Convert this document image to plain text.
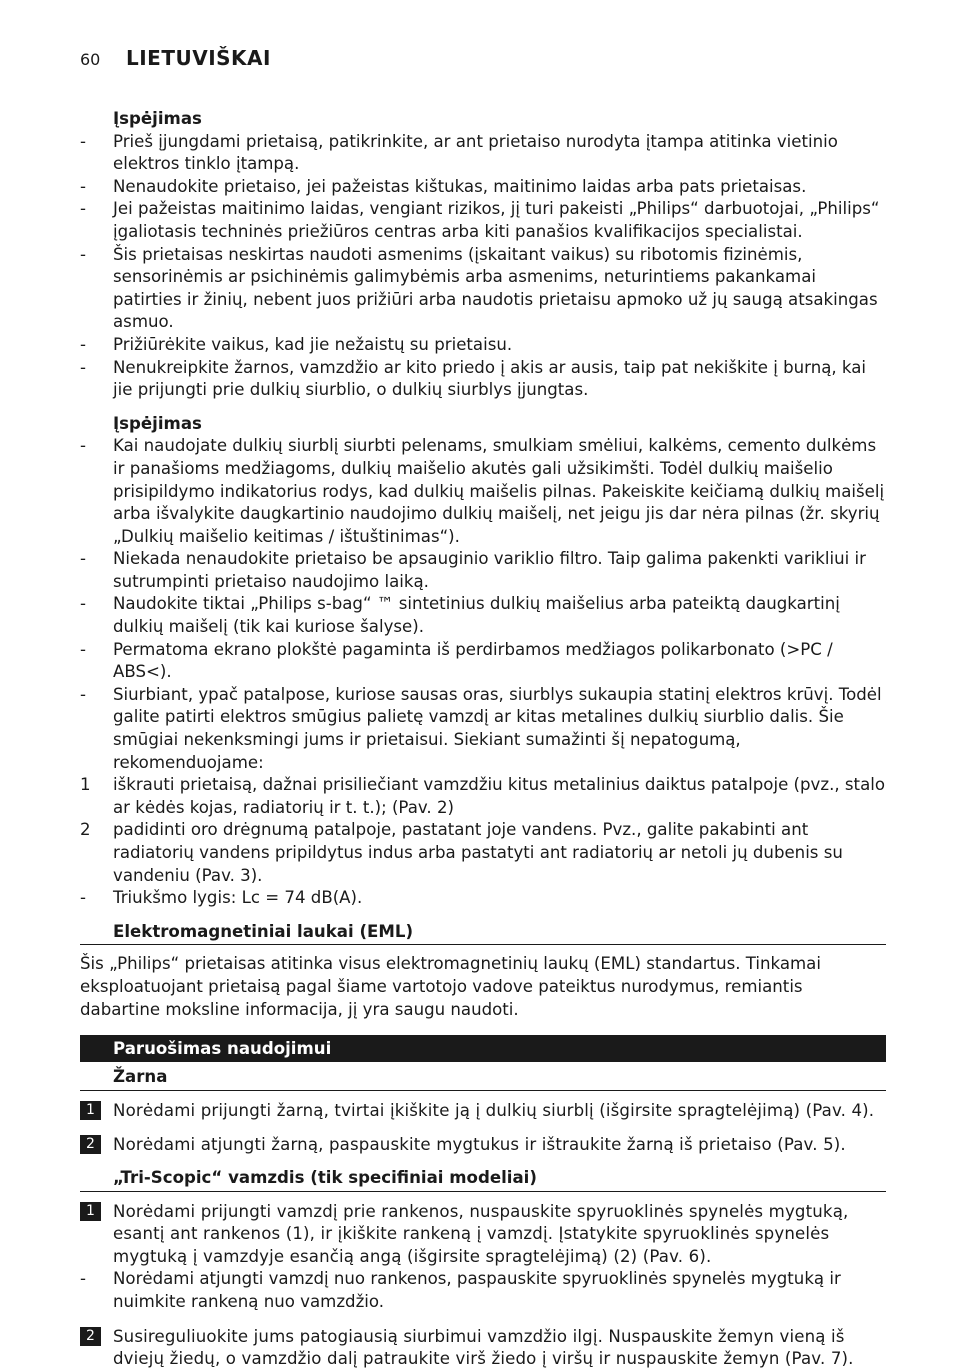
60	LIETUVIŠKAI
Įspėjimas
- Prieš įjungdami prietaisą, patikrinkite, ar ant prietaiso nurodyta įtampa atitinka vietinio elektros tinklo įtampą.
- Nenaudokite prietaiso, jei pažeistas kištukas, maitinimo laidas arba pats prietaisas.
- Jei pažeistas maitinimo laidas, vengiant rizikos, jį turi pakeisti „Philips“ darbuotojai, „Philips“ įgaliotasis techninės priežiūros centras arba kiti panašios kvalifikacijos specialistai.
- Šis prietaisas neskirtas naudoti asmenims (įskaitant vaikus) su ribotomis fizinėmis, sensorinėmis ar psichinėmis galimybėmis arba asmenims, neturintiems pakankamai patirties ir žinių, nebent juos prižiūri arba naudotis prietaisu apmoko už jų saugą atsakingas asmuo.
- Prižiūrėkite vaikus, kad jie nežaistų su prietaisu.
- Nenukreipkite žarnos, vamzdžio ar kito priedo į akis ar ausis, taip pat nekiškite į burną, kai jie prijungti prie dulkių siurblio, o dulkių siurblys įjungtas.
Įspėjimas
- Kai naudojate dulkių siurblį siurbti pelenams, smulkiam smėliui, kalkėms, cemento dulkėms ir panašioms medžiagoms, dulkių maišelio akutės gali užsikimšti. Todėl dulkių maišelio prisipildymo indikatorius rodys, kad dulkių maišelis pilnas. Pakeiskite keičiamą dulkių maišelį arba išvalykite daugkartinio naudojimo dulkių maišelį, net jeigu jis dar nėra pilnas (žr. skyrių „Dulkių maišelio keitimas / ištuštinimas“).
- Niekada nenaudokite prietaiso be apsauginio variklio filtro. Taip galima pakenkti varikliui ir sutrumpinti prietaiso naudojimo laiką.
- Naudokite tiktai „Philips s-bag“ ™ sintetinius dulkių maišelius arba pateiktą daugkartinį dulkių maišelį (tik kai kuriose šalyse).
- Permatoma ekrano plokštė pagaminta iš perdirbamos medžiagos polikarbonato (>PC / ABS<).
- Siurbiant, ypač patalpose, kuriose sausas oras, siurblys sukaupia statinį elektros krūvį. Todėl galite patirti elektros smūgius palietę vamzdį ar kitas metalines dulkių siurblio dalis. Šie smūgiai nekenksmingi jums ir prietaisui. Siekiant sumažinti šį nepatogumą, rekomenduojame:
1 iškrauti prietaisą, dažnai prisiliečiant vamzdžiu kitus metalinius daiktus patalpoje (pvz., stalo ar kėdės kojas, radiatorių ir t. t.); (Pav. 2)
2 padidinti oro drėgnumą patalpoje, pastatant joje vandens. Pvz., galite pakabinti ant radiatorių vandens pripildytus indus arba pastatyti ant radiatorių ar netoli jų dubenis su vandeniu (Pav. 3).
- Triukšmo lygis: Lc = 74 dB(A).
Elektromagnetiniai laukai (EML)
Šis „Philips“ prietaisas atitinka visus elektromagnetinių laukų (EML) standartus. Tinkamai eksploatuojant prietaisą pagal šiame vartotojo vadove pateiktus nurodymus, remiantis dabartine moksline informacija, jį yra saugu naudoti.
Paruošimas naudojimui
Žarna
1	Norėdami prijungti žarną, tvirtai įkiškite ją į dulkių siurblį (išgirsite spragtelėjimą) (Pav. 4).
2	Norėdami atjungti žarną, paspauskite mygtukus ir ištraukite žarną iš prietaiso (Pav. 5).
„Tri-Scopic“ vamzdis (tik specifiniai modeliai)
1	Norėdami prijungti vamzdį prie rankenos, nuspauskite spyruoklinės spynelės mygtuką, esantį ant rankenos (1), ir įkiškite rankeną į vamzdį. Įstatykite spyruoklinės spynelės mygtuką į vamzdyje esančią angą (išgirsite spragtelėjimą) (2) (Pav. 6).
- Norėdami atjungti vamzdį nuo rankenos, paspauskite spyruoklinės spynelės mygtuką ir nuimkite rankeną nuo vamzdžio.
2	Susireguliuokite jums patogiausią siurbimui vamzdžio ilgį. Nuspauskite žemyn vieną iš dviejų žiedų, o vamzdžio dalį patraukite virš žiedo į viršų ir nuspauskite žemyn (Pav. 7).
